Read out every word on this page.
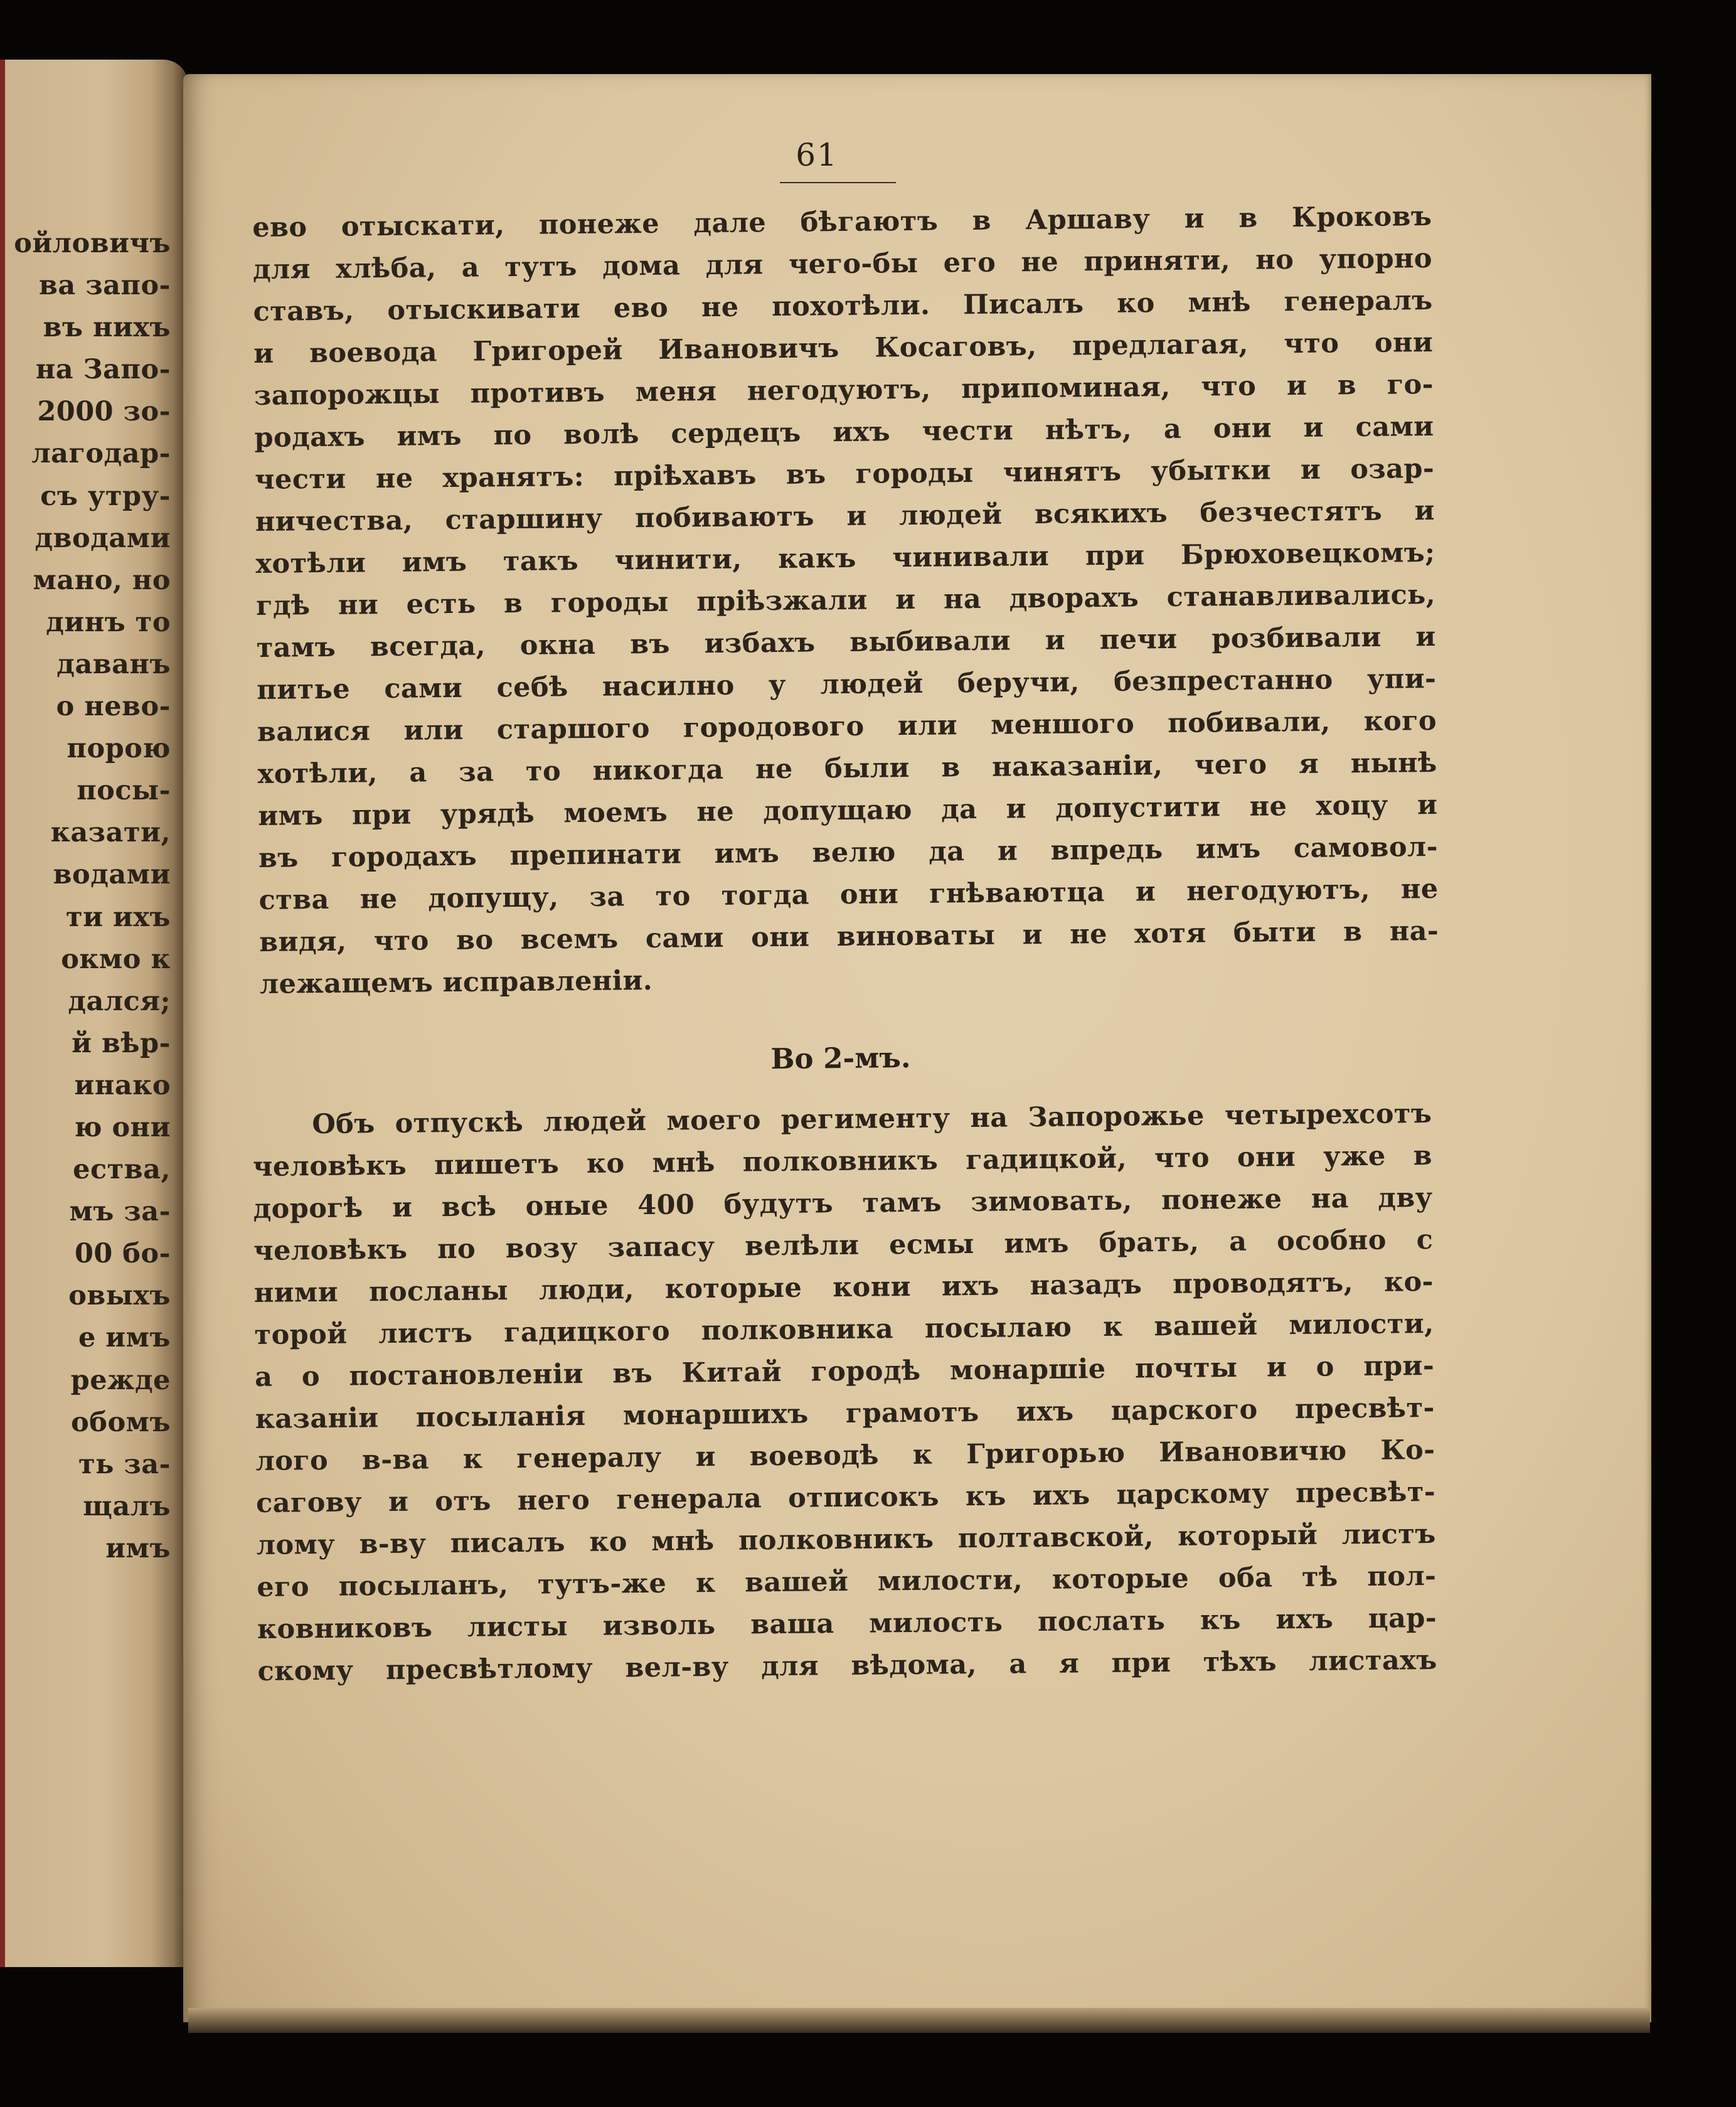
ойловичъ
ва запо-
въ нихъ
на Запо-
2000 зо-
лагодар-
съ утру-
дводами
мано, но
динъ то
даванъ
о нево-
порою
посы-
казати,
водами
ти ихъ
окмо к
дался;
й вѣр-
инако
ю они
ества,
мъ за-
00 бо-
овыхъ
е имъ
режде
обомъ
ть за-
щалъ
имъ
61
ево отыскати, понеже дале бѣгаютъ в Аршаву и в Кроковъ
для хлѣба, а тутъ дома для чего-бы его не приняти, но упорно
ставъ, отыскивати ево не похотѣли. Писалъ ко мнѣ генералъ
и воевода Григорей Ивановичъ Косаговъ, предлагая, что они
запорожцы противъ меня негодуютъ, припоминая, что и в го-
родахъ имъ по волѣ сердецъ ихъ чести нѣтъ, а они и сами
чести не хранятъ: прiѣхавъ въ городы чинятъ убытки и озар-
ничества, старшину побиваютъ и людей всякихъ безчестятъ и
хотѣли имъ такъ чинити, какъ чинивали при Брюховецкомъ;
гдѣ ни есть в городы прiѣзжали и на дворахъ станавливались,
тамъ всегда, окна въ избахъ выбивали и печи розбивали и
питье сами себѣ насилно у людей беручи, безпрестанно упи-
валися или старшого городового или меншого побивали, кого
хотѣли, а за то никогда не были в наказанiи, чего я нынѣ
имъ при урядѣ моемъ не допущаю да и допустити не хоцу и
въ городахъ препинати имъ велю да и впредь имъ самовол-
ства не допущу, за то тогда они гнѣваютца и негодуютъ, не
видя, что во всемъ сами они виноваты и не хотя быти в на-
лежащемъ исправленiи.
Во 2-мъ.
Объ отпускѣ людей моего регименту на Запорожье четырехсотъ
человѣкъ пишетъ ко мнѣ полковникъ гадицкой, что они уже в
дорогѣ и всѣ оные 400 будутъ тамъ зимовать, понеже на дву
человѣкъ по возу запасу велѣли есмы имъ брать, а особно с
ними посланы люди, которые кони ихъ назадъ проводятъ, ко-
торой листъ гадицкого полковника посылаю к вашей милости,
а о постановленiи въ Китай городѣ монаршiе почты и о при-
казанiи посыланiя монаршихъ грамотъ ихъ царского пресвѣт-
лого в-ва к генералу и воеводѣ к Григорью Ивановичю Ко-
сагову и отъ него генерала отписокъ къ ихъ царскому пресвѣт-
лому в-ву писалъ ко мнѣ полковникъ полтавской, который листъ
его посыланъ, тутъ-же к вашей милости, которые оба тѣ пол-
ковниковъ листы изволь ваша милость послать къ ихъ цар-
скому пресвѣтлому вел-ву для вѣдома, а я при тѣхъ листахъ
